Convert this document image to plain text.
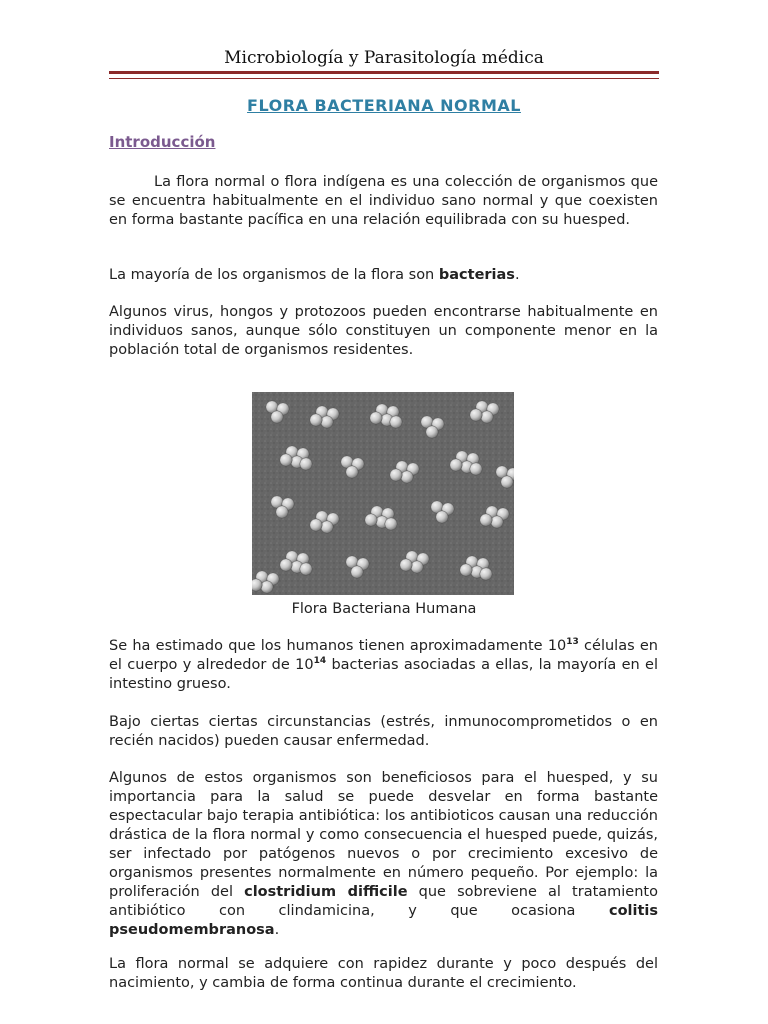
Microbiología y Parasitología médica
FLORA BACTERIANA NORMAL
Introducción
La flora normal o flora indígena es una colección de organismos que se encuentra habitualmente en el individuo sano normal y que coexisten en forma bastante pacífica en una relación equilibrada con su huesped.
La mayoría de los organismos de la flora son bacterias.
Algunos virus, hongos y protozoos pueden encontrarse habitualmente en individuos sanos, aunque sólo constituyen un componente menor en la población total de organismos residentes.
Flora Bacteriana Humana
Se ha estimado que los humanos tienen aproximadamente $10^{13}$ células en el cuerpo y alrededor de $10^{14}$ bacterias asociadas a ellas, la mayoría en el intestino grueso.
Bajo ciertas ciertas circunstancias (estrés, inmunocomprometidos o en recién nacidos) pueden causar enfermedad.
Algunos de estos organismos son beneficiosos para el huesped, y su importancia para la salud se puede desvelar en forma bastante espectacular bajo terapia antibiótica: los antibioticos causan una reducción drástica de la flora normal y como consecuencia el huesped puede, quizás, ser infectado por patógenos nuevos o por crecimiento excesivo de organismos presentes normalmente en número pequeño. Por ejemplo: la proliferación del clostridium difficile que sobreviene al tratamiento antibiótico con clindamicina, y que ocasiona colitis pseudomembranosa.
La flora normal se adquiere con rapidez durante y poco después del nacimiento, y cambia de forma continua durante el crecimiento.
